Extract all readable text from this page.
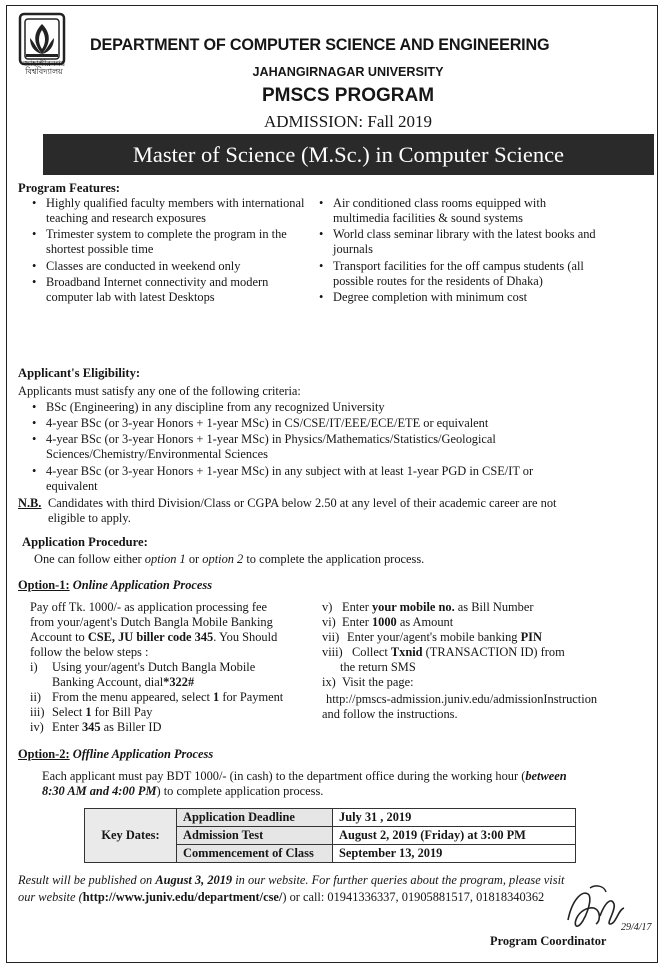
জাহাঙ্গীরনগর বিশ্ববিদ্যালয়
DEPARTMENT OF COMPUTER SCIENCE AND ENGINEERING
JAHANGIRNAGAR UNIVERSITY
PMSCS PROGRAM
ADMISSION: Fall 2019
Master of Science (M.Sc.) in Computer Science
Program Features:
• Highly qualified faculty members with international teaching and research exposures
• Trimester system to complete the program in the shortest possible time
• Classes are conducted in weekend only
• Broadband Internet connectivity and modern computer lab with latest Desktops
• Air conditioned class rooms equipped with multimedia facilities & sound systems
• World class seminar library with the latest books and journals
• Transport facilities for the off campus students (all possible routes for the residents of Dhaka)
• Degree completion with minimum cost
Applicant's Eligibility:
Applicants must satisfy any one of the following criteria:
• BSc (Engineering) in any discipline from any recognized University
• 4-year BSc (or 3-year Honors + 1-year MSc) in CS/CSE/IT/EEE/ECE/ETE or equivalent
• 4-year BSc (or 3-year Honors + 1-year MSc) in Physics/Mathematics/Statistics/Geological Sciences/Chemistry/Environmental Sciences
• 4-year BSc (or 3-year Honors + 1-year MSc) in any subject with at least 1-year PGD in CSE/IT or equivalent
N.B. Candidates with third Division/Class or CGPA below 2.50 at any level of their academic career are not
eligible to apply.
Application Procedure:
One can follow either option 1 or option 2 to complete the application process.
Option-1: Online Application Process
Pay off Tk. 1000/- as application processing fee
from your/agent's Dutch Bangla Mobile Banking
Account to CSE, JU biller code 345. You Should
follow the below steps :
i) Using your/agent's Dutch Bangla Mobile
Banking Account, dial*322#
ii) From the menu appeared, select 1 for Payment
iii) Select 1 for Bill Pay
iv) Enter 345 as Biller ID
v) Enter your mobile no. as Bill Number
vi) Enter 1000 as Amount
vii) Enter your/agent's mobile banking PIN
viii) Collect Txnid (TRANSACTION ID) from
the return SMS
ix) Visit the page:
http://pmscs-admission.juniv.edu/admissionInstruction
and follow the instructions.
Option-2: Offline Application Process
Each applicant must pay BDT 1000/- (in cash) to the department office during the working hour (between
8:30 AM and 4:00 PM) to complete application process.
Key Dates:	Application Deadline	July 31 , 2019
	Admission Test	August 2, 2019 (Friday) at 3:00 PM
	Commencement of Class	September 13, 2019
Result will be published on August 3, 2019 in our website. For further queries about the program, please visit
our website (http://www.juniv.edu/department/cse/) or call: 01941336337, 01905881517, 01818340362
29/4/17
Program Coordinator
